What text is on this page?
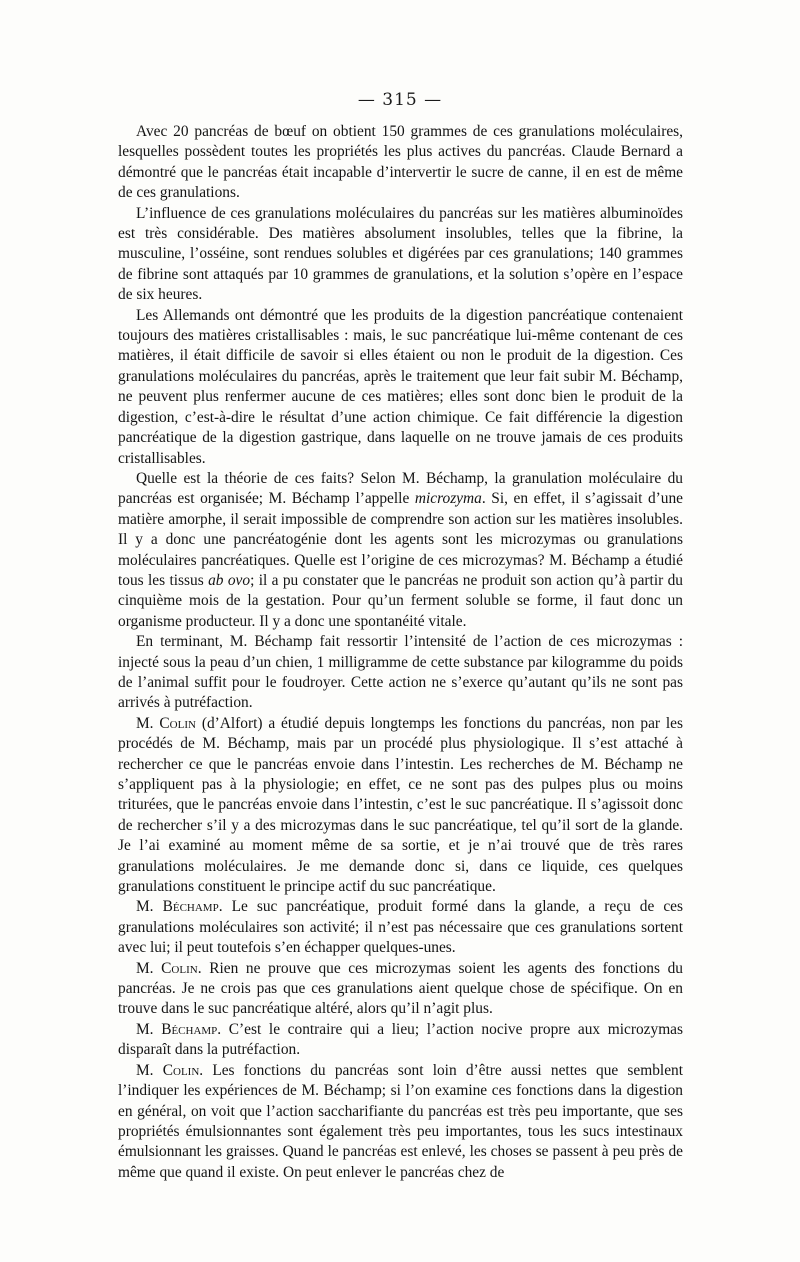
— 315 —

Avec 20 pancréas de bœuf on obtient 150 grammes de ces granulations moléculaires, lesquelles possèdent toutes les propriétés les plus actives du pancréas. Claude Bernard a démontré que le pancréas était incapable d’intervertir le sucre de canne, il en est de même de ces granulations.

L’influence de ces granulations moléculaires du pancréas sur les matières albuminoïdes est très considérable. Des matières absolument insolubles, telles que la fibrine, la musculine, l’osséine, sont rendues solubles et digérées par ces granulations; 140 grammes de fibrine sont attaqués par 10 grammes de granulations, et la solution s’opère en l’espace de six heures.

Les Allemands ont démontré que les produits de la digestion pancréatique contenaient toujours des matières cristallisables : mais, le suc pancréatique lui-même contenant de ces matières, il était difficile de savoir si elles étaient ou non le produit de la digestion. Ces granulations moléculaires du pancréas, après le traitement que leur fait subir M. Béchamp, ne peuvent plus renfermer aucune de ces matières; elles sont donc bien le produit de la digestion, c’est-à-dire le résultat d’une action chimique. Ce fait différencie la digestion pancréatique de la digestion gastrique, dans laquelle on ne trouve jamais de ces produits cristallisables.

Quelle est la théorie de ces faits? Selon M. Béchamp, la granulation moléculaire du pancréas est organisée; M. Béchamp l’appelle microzyma. Si, en effet, il s’agissait d’une matière amorphe, il serait impossible de comprendre son action sur les matières insolubles. Il y a donc une pancréatogénie dont les agents sont les microzymas ou granulations moléculaires pancréatiques. Quelle est l’origine de ces microzymas? M. Béchamp a étudié tous les tissus ab ovo; il a pu constater que le pancréas ne produit son action qu’à partir du cinquième mois de la gestation. Pour qu’un ferment soluble se forme, il faut donc un organisme producteur. Il y a donc une spontanéité vitale.

En terminant, M. Béchamp fait ressortir l’intensité de l’action de ces microzymas : injecté sous la peau d’un chien, 1 milligramme de cette substance par kilogramme du poids de l’animal suffit pour le foudroyer. Cette action ne s’exerce qu’autant qu’ils ne sont pas arrivés à putréfaction.

M. Colin (d’Alfort) a étudié depuis longtemps les fonctions du pancréas, non par les procédés de M. Béchamp, mais par un procédé plus physiologique. Il s’est attaché à rechercher ce que le pancréas envoie dans l’intestin. Les recherches de M. Béchamp ne s’appliquent pas à la physiologie; en effet, ce ne sont pas des pulpes plus ou moins triturées, que le pancréas envoie dans l’intestin, c’est le suc pancréatique. Il s’agissoit donc de rechercher s’il y a des microzymas dans le suc pancréatique, tel qu’il sort de la glande. Je l’ai examiné au moment même de sa sortie, et je n’ai trouvé que de très rares granulations moléculaires. Je me demande donc si, dans ce liquide, ces quelques granulations constituent le principe actif du suc pancréatique.

M. Béchamp. Le suc pancréatique, produit formé dans la glande, a reçu de ces granulations moléculaires son activité; il n’est pas nécessaire que ces granulations sortent avec lui; il peut toutefois s’en échapper quelques-unes.

M. Colin. Rien ne prouve que ces microzymas soient les agents des fonctions du pancréas. Je ne crois pas que ces granulations aient quelque chose de spécifique. On en trouve dans le suc pancréatique altéré, alors qu’il n’agit plus.

M. Béchamp. C’est le contraire qui a lieu; l’action nocive propre aux microzymas disparaît dans la putréfaction.

M. Colin. Les fonctions du pancréas sont loin d’être aussi nettes que semblent l’indiquer les expériences de M. Béchamp; si l’on examine ces fonctions dans la digestion en général, on voit que l’action saccharifiante du pancréas est très peu importante, que ses propriétés émulsionnantes sont également très peu importantes, tous les sucs intestinaux émulsionnant les graisses. Quand le pancréas est enlevé, les choses se passent à peu près de même que quand il existe. On peut enlever le pancréas chez de
